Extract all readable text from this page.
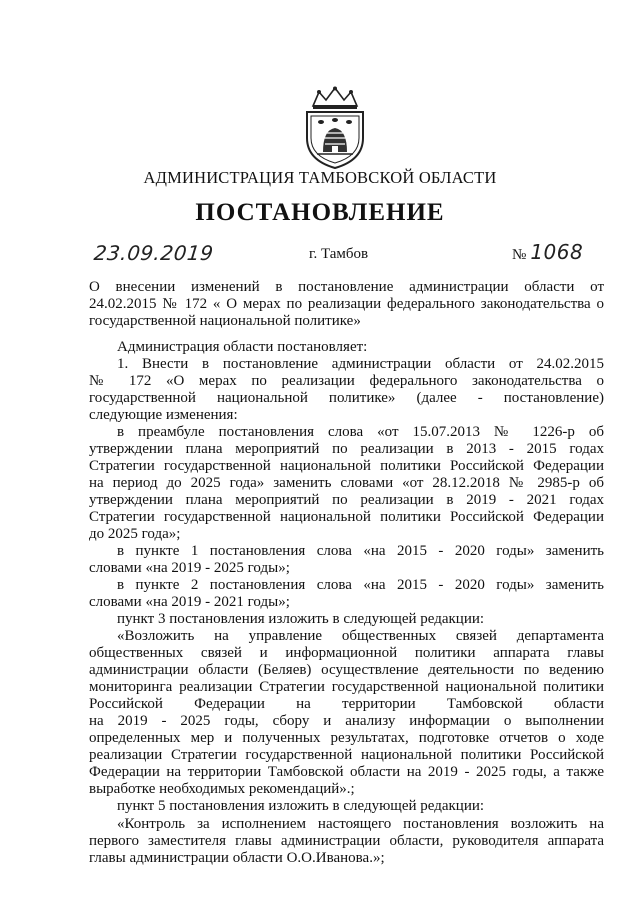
АДМИНИСТРАЦИЯ ТАМБОВСКОЙ ОБЛАСТИ
ПОСТАНОВЛЕНИЕ
23.09.2019	г. Тамбов	№ 1068
О внесении изменений в постановление администрации области от
24.02.2015 № 172 « О мерах по реализации федерального законодательства о
государственной национальной политике»

Администрация области постановляет:

1. Внести в постановление администрации области от 24.02.2015
№ 172 «О мерах по реализации федерального законодательства о
государственной национальной политике» (далее - постановление)
следующие изменения:
в преамбуле постановления слова «от 15.07.2013 № 1226-р об
утверждении плана мероприятий по реализации в 2013 - 2015 годах
Стратегии государственной национальной политики Российской Федерации
на период до 2025 года» заменить словами «от 28.12.2018 № 2985-р об
утверждении плана мероприятий по реализации в 2019 - 2021 годах
Стратегии государственной национальной политики Российской Федерации
до 2025 года»;
в пункте 1 постановления слова «на 2015 - 2020 годы» заменить
словами «на 2019 - 2025 годы»;
в пункте 2 постановления слова «на 2015 - 2020 годы» заменить
словами «на 2019 - 2021 годы»;

пункт 3 постановления изложить в следующей редакции:

«Возложить на управление общественных связей департамента
общественных связей и информационной политики аппарата главы
администрации области (Беляев) осуществление деятельности по ведению
мониторинга реализации Стратегии государственной национальной политики
Российской Федерации на территории Тамбовской области
на 2019 - 2025 годы, сбору и анализу информации о выполнении
определенных мер и полученных результатах, подготовке отчетов о ходе
реализации Стратегии государственной национальной политики Российской
Федерации на территории Тамбовской области на 2019 - 2025 годы, а также
выработке необходимых рекомендаций».;

пункт 5 постановления изложить в следующей редакции:

«Контроль за исполнением настоящего постановления возложить на
первого заместителя главы администрации области, руководителя аппарата
главы администрации области О.О.Иванова.»;
